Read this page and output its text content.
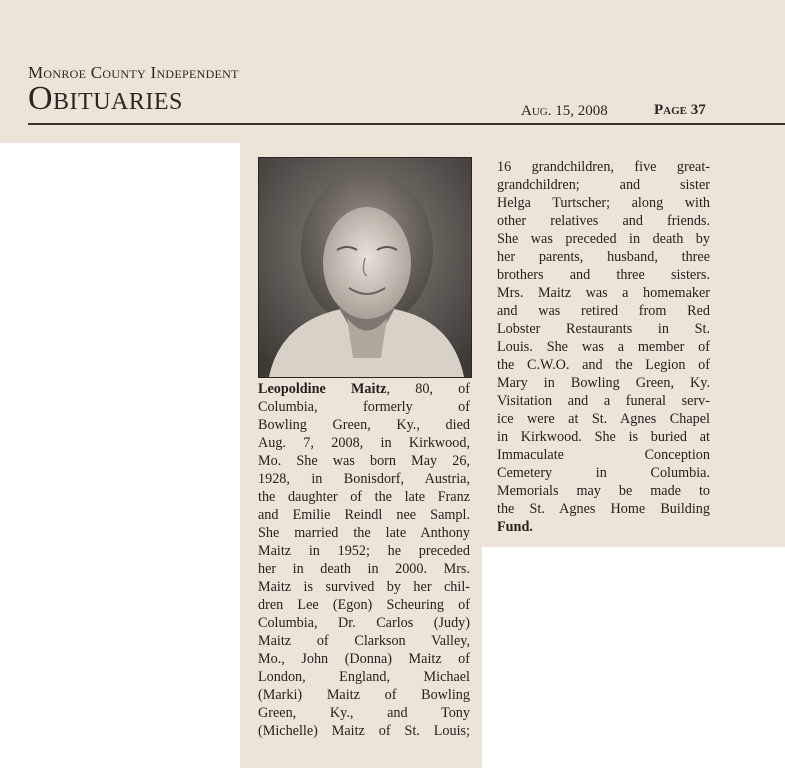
Monroe County Independent
Obituaries	Aug. 15, 2008	Page 37
Leopoldine Maitz, 80, of
Columbia, formerly of
Bowling Green, Ky., died
Aug. 7, 2008, in Kirkwood,
Mo. She was born May 26,
1928, in Bonisdorf, Austria,
the daughter of the late Franz
and Emilie Reindl nee Sampl.
She married the late Anthony
Maitz in 1952; he preceded
her in death in 2000. Mrs.
Maitz is survived by her chil-
dren Lee (Egon) Scheuring of
Columbia, Dr. Carlos (Judy)
Maitz of Clarkson Valley,
Mo., John (Donna) Maitz of
London, England, Michael
(Marki) Maitz of Bowling
Green, Ky., and Tony
(Michelle) Maitz of St. Louis;
16 grandchildren, five great-
grandchildren; and sister
Helga Turtscher; along with
other relatives and friends.
She was preceded in death by
her parents, husband, three
brothers and three sisters.
Mrs. Maitz was a homemaker
and was retired from Red
Lobster Restaurants in St.
Louis. She was a member of
the C.W.O. and the Legion of
Mary in Bowling Green, Ky.
Visitation and a funeral serv-
ice were at St. Agnes Chapel
in Kirkwood. She is buried at
Immaculate Conception
Cemetery in Columbia.
Memorials may be made to
the St. Agnes Home Building
Fund.
